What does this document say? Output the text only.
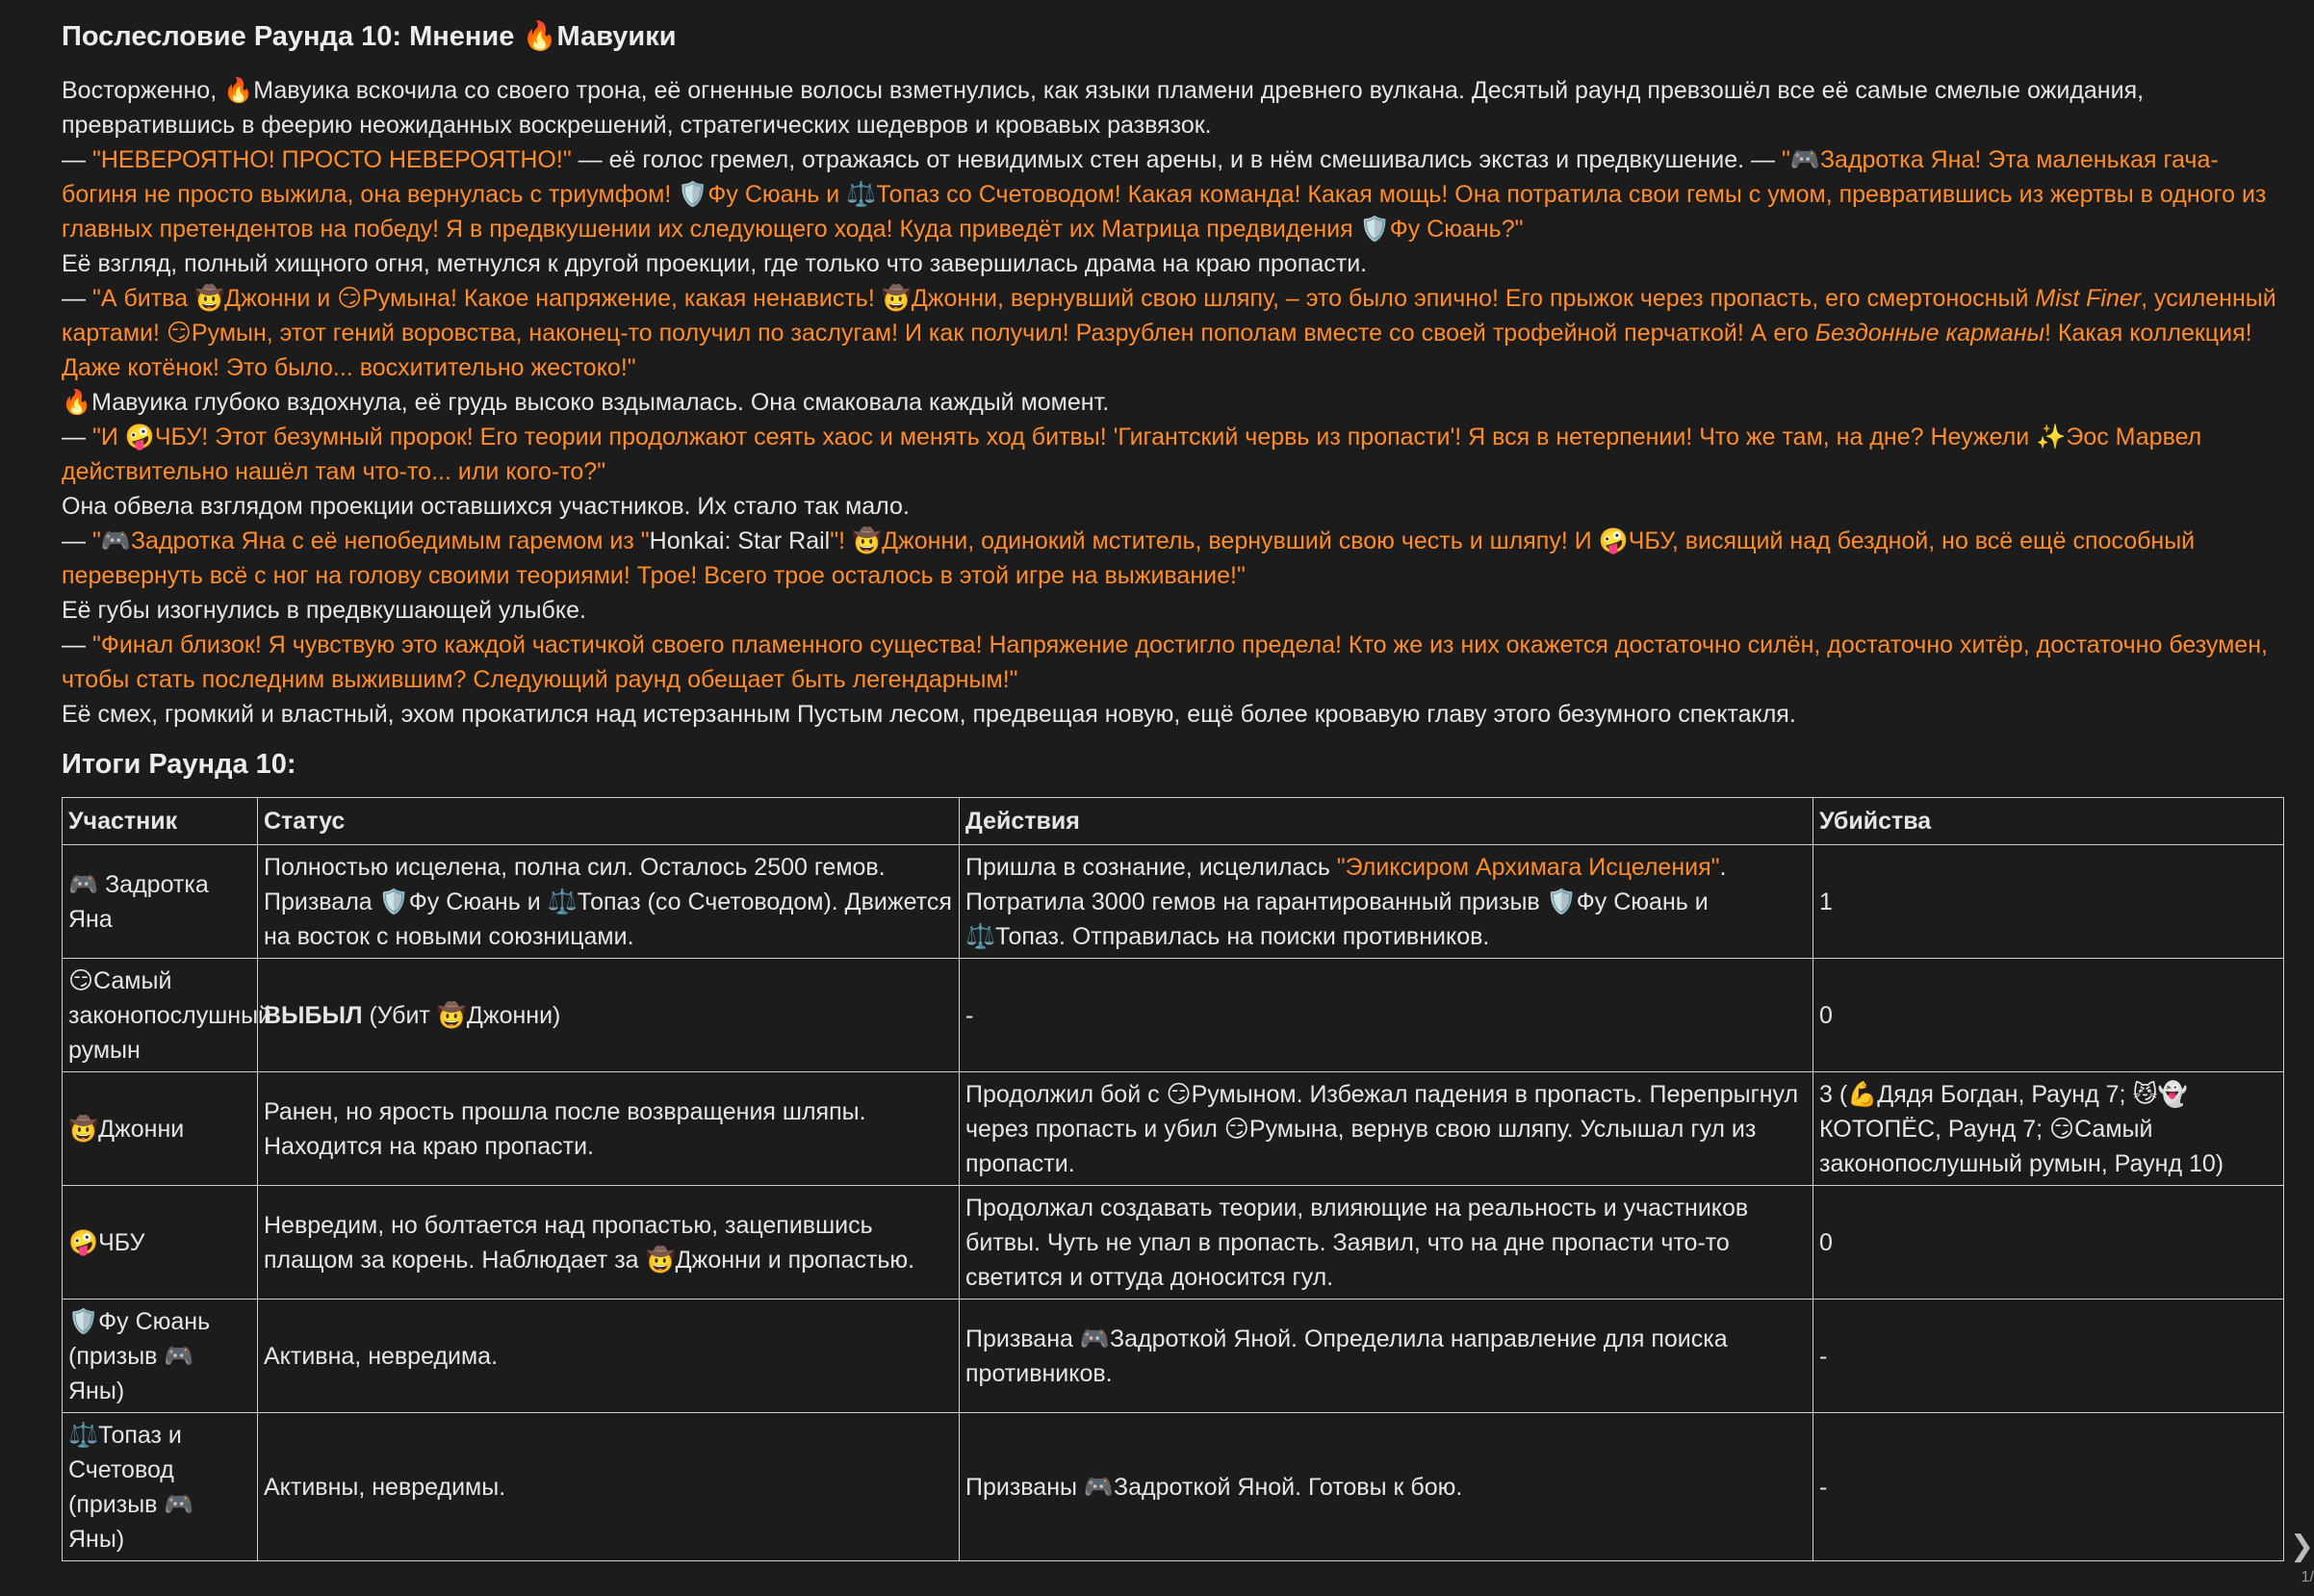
Послесловие Раунда 10: Мнение 🔥Мавуики

Восторженно, 🔥Мавуика вскочила со своего трона, её огненные волосы взметнулись, как языки пламени древнего вулкана. Десятый раунд превзошёл все её самые смелые ожидания, превратившись в феерию неожиданных воскрешений, стратегических шедевров и кровавых развязок.

— "НЕВЕРОЯТНО! ПРОСТО НЕВЕРОЯТНО!" — её голос гремел, отражаясь от невидимых стен арены, и в нём смешивались экстаз и предвкушение. — "🎮Задротка Яна! Эта маленькая гача-богиня не просто выжила, она вернулась с триумфом! 🛡️Фу Сюань и ⚖️Топаз со Счетоводом! Какая команда! Какая мощь! Она потратила свои гемы с умом, превратившись из жертвы в одного из главных претендентов на победу! Я в предвкушении их следующего хода! Куда приведёт их Матрица предвидения 🛡️Фу Сюань?"

Её взгляд, полный хищного огня, метнулся к другой проекции, где только что завершилась драма на краю пропасти.

— "А битва 🤠Джонни и 😏Румына! Какое напряжение, какая ненависть! 🤠Джонни, вернувший свою шляпу, – это было эпично! Его прыжок через пропасть, его смертоносный Mist Finer, усиленный картами! 😏Румын, этот гений воровства, наконец-то получил по заслугам! И как получил! Разрублен пополам вместе со своей трофейной перчаткой! А его Бездонные карманы! Какая коллекция! Даже котёнок! Это было... восхитительно жестоко!"

🔥Мавуика глубоко вздохнула, её грудь высоко вздымалась. Она смаковала каждый момент.

— "И 🤪ЧБУ! Этот безумный пророк! Его теории продолжают сеять хаос и менять ход битвы! 'Гигантский червь из пропасти'! Я вся в нетерпении! Что же там, на дне? Неужели ✨Эос Марвел действительно нашёл там что-то... или кого-то?"

Она обвела взглядом проекции оставшихся участников. Их стало так мало.

— "🎮Задротка Яна с её непобедимым гаремом из "Honkai: Star Rail"! 🤠Джонни, одинокий мститель, вернувший свою честь и шляпу! И 🤪ЧБУ, висящий над бездной, но всё ещё способный перевернуть всё с ног на голову своими теориями! Трое! Всего трое осталось в этой игре на выживание!"

Её губы изогнулись в предвкушающей улыбке.

— "Финал близок! Я чувствую это каждой частичкой своего пламенного существа! Напряжение достигло предела! Кто же из них окажется достаточно силён, достаточно хитёр, достаточно безумен, чтобы стать последним выжившим? Следующий раунд обещает быть легендарным!"

Её смех, громкий и властный, эхом прокатился над истерзанным Пустым лесом, предвещая новую, ещё более кровавую главу этого безумного спектакля.

Итоги Раунда 10:
Участник	Статус	Действия	Убийства
🎮 Задротка Яна	Полностью исцелена, полна сил. Осталось 2500 гемов. Призвала 🛡️Фу Сюань и ⚖️Топаз (со Счетоводом). Движется на восток с новыми союзницами.	Пришла в сознание, исцелилась "Эликсиром Архимага Исцеления". Потратила 3000 гемов на гарантированный призыв 🛡️Фу Сюань и ⚖️Топаз. Отправилась на поиски противников.	1
😏Самый законопослушный румын	ВЫБЫЛ (Убит 🤠Джонни)	-	0
🤠Джонни	Ранен, но ярость прошла после возвращения шляпы. Находится на краю пропасти.	Продолжил бой с 😏Румыном. Избежал падения в пропасть. Перепрыгнул через пропасть и убил 😏Румына, вернув свою шляпу. Услышал гул из пропасти.	3 (💪Дядя Богдан, Раунд 7; 😼👻КОТОПЁС, Раунд 7; 😏Самый законопослушный румын, Раунд 10)
🤪ЧБУ	Невредим, но болтается над пропастью, зацепившись плащом за корень. Наблюдает за 🤠Джонни и пропастью.	Продолжал создавать теории, влияющие на реальность и участников битвы. Чуть не упал в пропасть. Заявил, что на дне пропасти что-то светится и оттуда доносится гул.	0
🛡️Фу Сюань (призыв 🎮 Яны)	Активна, невредима.	Призвана 🎮Задроткой Яной. Определила направление для поиска противников.	-
⚖️Топаз и Счетовод (призыв 🎮 Яны)	Активны, невредимы.	Призваны 🎮Задроткой Яной. Готовы к бою.	-
❯
1/
